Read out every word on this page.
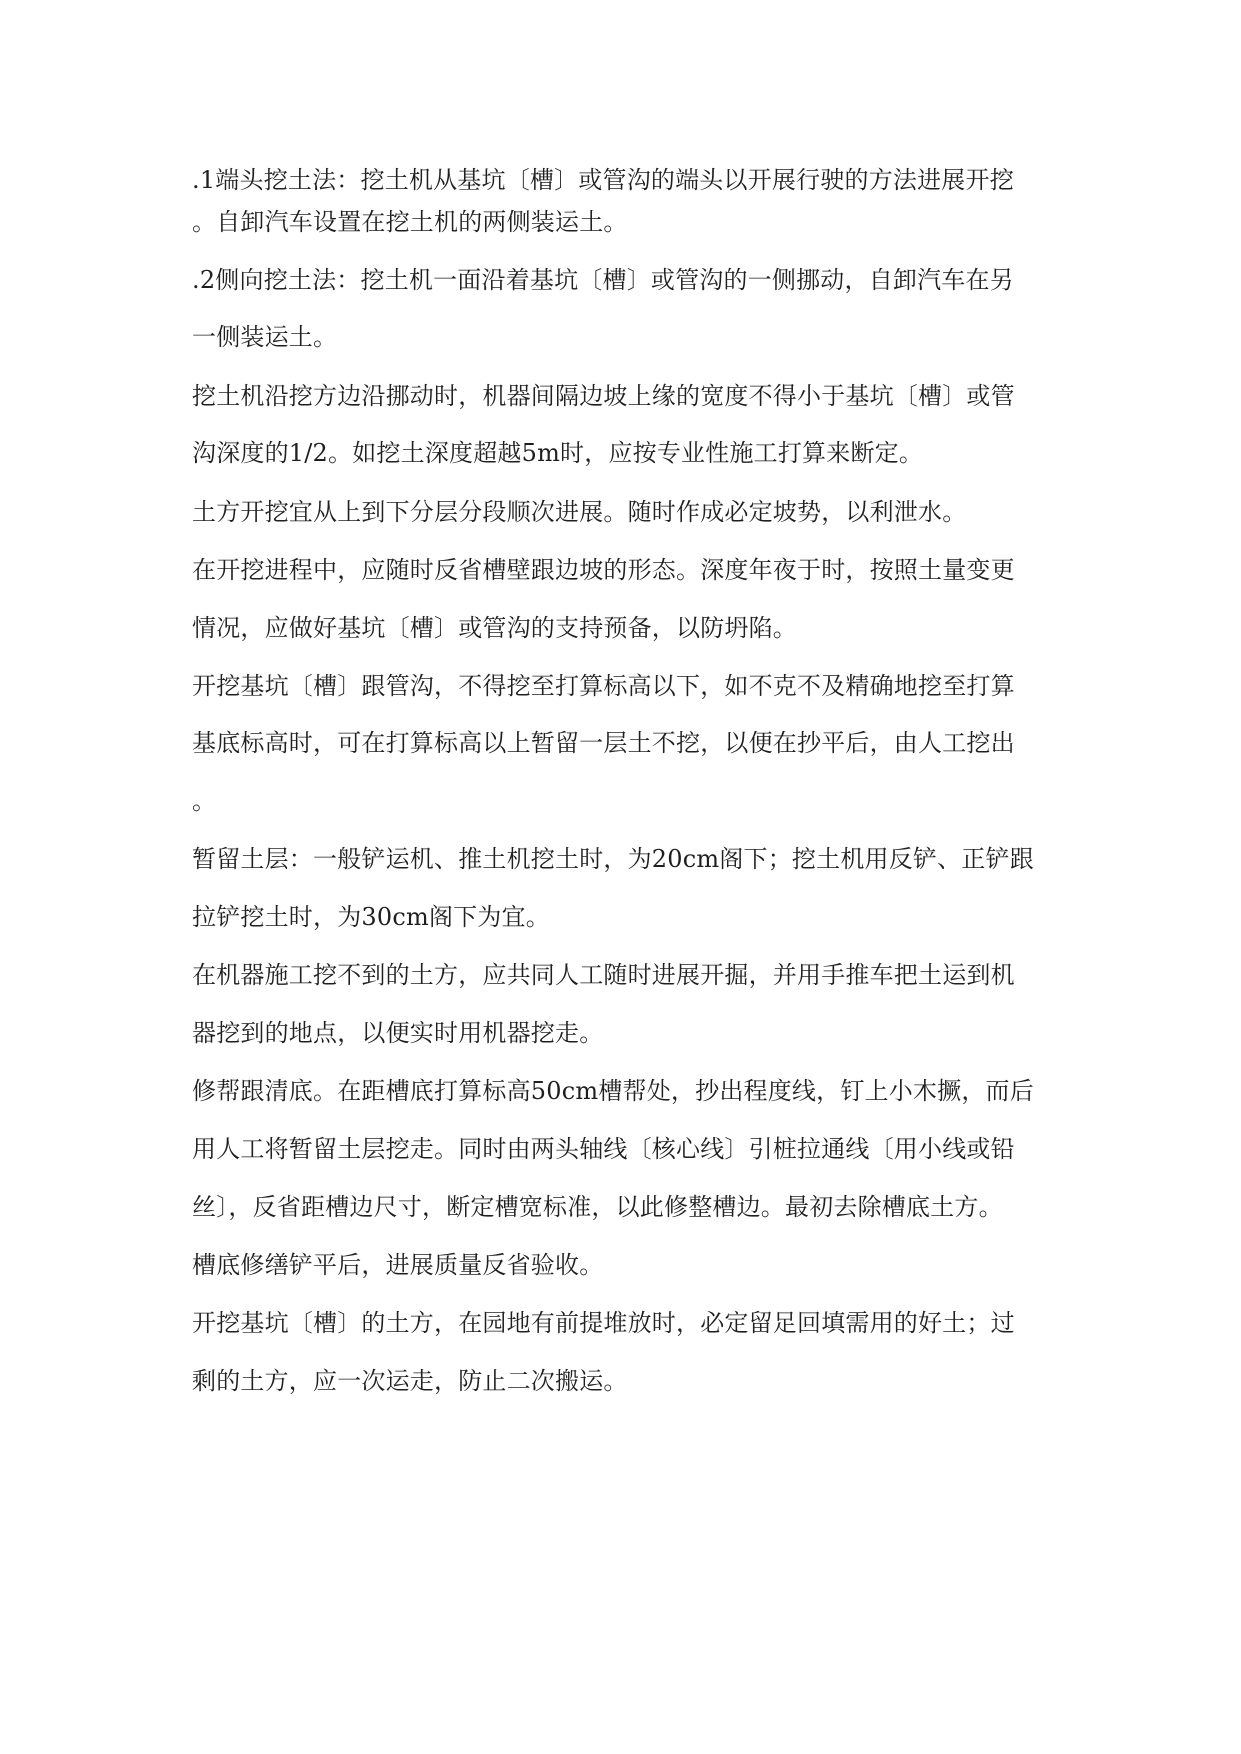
.1端头挖土法：挖土机从基坑〔槽〕或管沟的端头以开展行驶的方法进展开挖

。自卸汽车设置在挖土机的两侧装运土。

.2侧向挖土法：挖土机一面沿着基坑〔槽〕或管沟的一侧挪动，自卸汽车在另

一侧装运土。

挖土机沿挖方边沿挪动时，机器间隔边坡上缘的宽度不得小于基坑〔槽〕或管

沟深度的1/2。如挖土深度超越5m时，应按专业性施工打算来断定。

土方开挖宜从上到下分层分段顺次进展。随时作成必定坡势，以利泄水。

在开挖进程中，应随时反省槽壁跟边坡的形态。深度年夜于时，按照土量变更

情况，应做好基坑〔槽〕或管沟的支持预备，以防坍陷。

开挖基坑〔槽〕跟管沟，不得挖至打算标高以下，如不克不及精确地挖至打算

基底标高时，可在打算标高以上暂留一层土不挖，以便在抄平后，由人工挖出

。

暂留土层：一般铲运机、推土机挖土时，为20cm阁下；挖土机用反铲、正铲跟

拉铲挖土时，为30cm阁下为宜。

在机器施工挖不到的土方，应共同人工随时进展开掘，并用手推车把土运到机

器挖到的地点，以便实时用机器挖走。

修帮跟清底。在距槽底打算标高50cm槽帮处，抄出程度线，钉上小木撅，而后

用人工将暂留土层挖走。同时由两头轴线〔核心线〕引桩拉通线〔用小线或铅

丝〕，反省距槽边尺寸，断定槽宽标准，以此修整槽边。最初去除槽底土方。

槽底修缮铲平后，进展质量反省验收。

开挖基坑〔槽〕的土方，在园地有前提堆放时，必定留足回填需用的好土；过

剩的土方，应一次运走，防止二次搬运。
